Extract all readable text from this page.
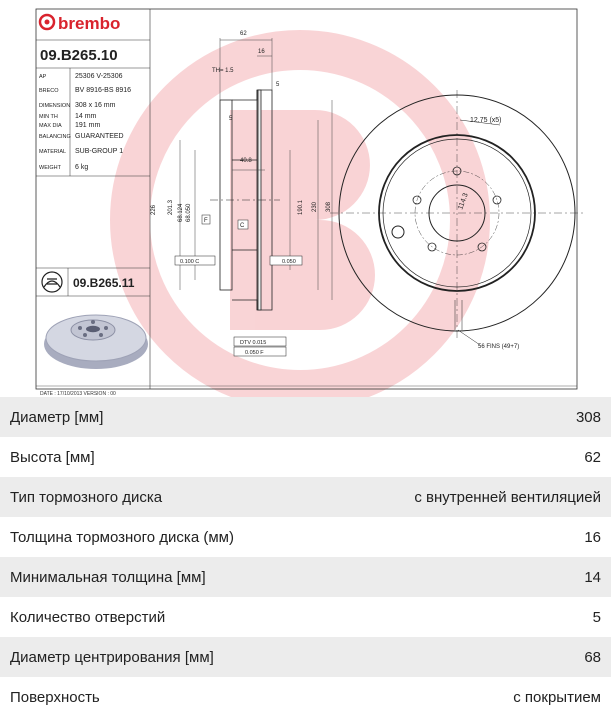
brembo
09.B265.10
AP	25306 V-25306
BRECO BV 8916-BS 8916
DIMENSION 308 x 16 mm
MIN TH 14 mm
MAX DIA 191 mm
BALANCING GUARANTEED
MATERIAL SUB-GROUP 1
WEIGHT 6 kg
09.B265.11
DATE : 17/10/2013 VERSION : 00
62
16
TH= 1.5
5
5
40.8
226 201.3 68.124 68.050	190.1 230 308
F
C
0.100 C	0.050
DTV 0.015
0.050 F
12.75 (x5)
114.3
56 FINS (49+7)
Диаметр [мм]	308
Высота [мм]	62
Тип тормозного диска	с внутренней вентиляцией
Толщина тормозного диска (мм)	16
Минимальная толщина [мм]	14
Количество отверстий	5
Диаметр центрирования [мм]	68
Поверхность	с покрытием
